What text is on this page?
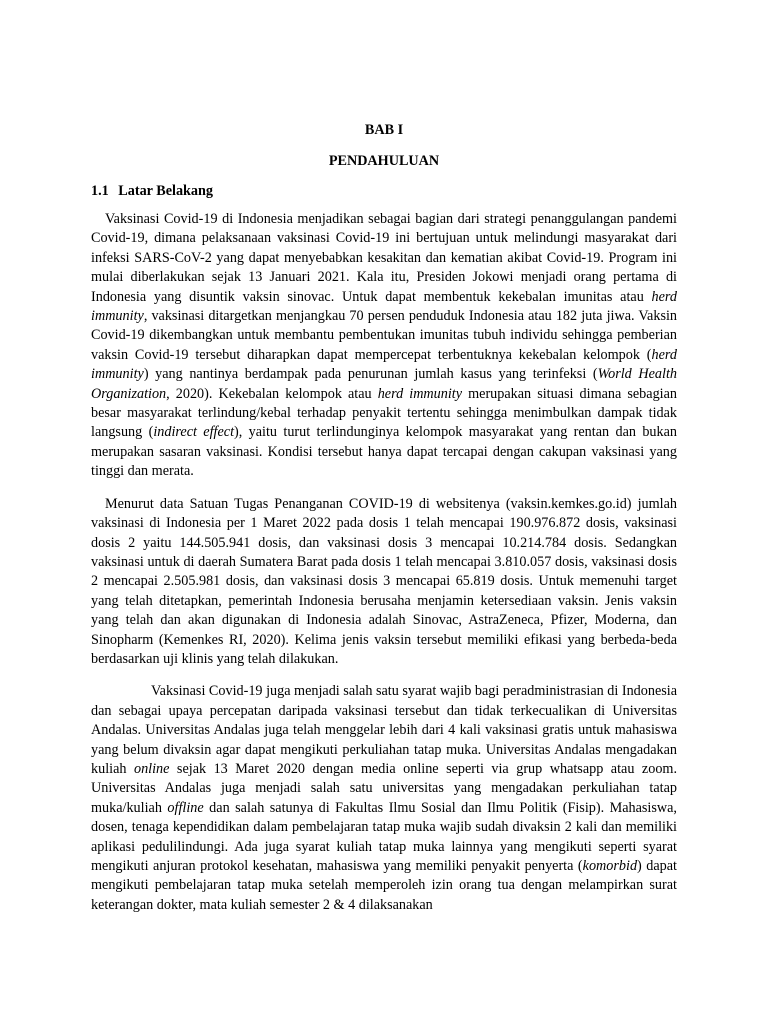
BAB I
PENDAHULUAN
1.1 Latar Belakang

Vaksinasi Covid-19 di Indonesia menjadikan sebagai bagian dari strategi penanggulangan pandemi Covid-19, dimana pelaksanaan vaksinasi Covid-19 ini bertujuan untuk melindungi masyarakat dari infeksi SARS-CoV-2 yang dapat menyebabkan kesakitan dan kematian akibat Covid-19. Program ini mulai diberlakukan sejak 13 Januari 2021. Kala itu, Presiden Jokowi menjadi orang pertama di Indonesia yang disuntik vaksin sinovac. Untuk dapat membentuk kekebalan imunitas atau herd immunity, vaksinasi ditargetkan menjangkau 70 persen penduduk Indonesia atau 182 juta jiwa. Vaksin Covid-19 dikembangkan untuk membantu pembentukan imunitas tubuh individu sehingga pemberian vaksin Covid-19 tersebut diharapkan dapat mempercepat terbentuknya kekebalan kelompok (herd immunity) yang nantinya berdampak pada penurunan jumlah kasus yang terinfeksi (World Health Organization, 2020). Kekebalan kelompok atau herd immunity merupakan situasi dimana sebagian besar masyarakat terlindung/kebal terhadap penyakit tertentu sehingga menimbulkan dampak tidak langsung (indirect effect), yaitu turut terlindunginya kelompok masyarakat yang rentan dan bukan merupakan sasaran vaksinasi. Kondisi tersebut hanya dapat tercapai dengan cakupan vaksinasi yang tinggi dan merata.

Menurut data Satuan Tugas Penanganan COVID-19 di websitenya (vaksin.kemkes.go.id) jumlah vaksinasi di Indonesia per 1 Maret 2022 pada dosis 1 telah mencapai 190.976.872 dosis, vaksinasi dosis 2 yaitu 144.505.941 dosis, dan vaksinasi dosis 3 mencapai 10.214.784 dosis. Sedangkan vaksinasi untuk di daerah Sumatera Barat pada dosis 1 telah mencapai 3.810.057 dosis, vaksinasi dosis 2 mencapai 2.505.981 dosis, dan vaksinasi dosis 3 mencapai 65.819 dosis. Untuk memenuhi target yang telah ditetapkan, pemerintah Indonesia berusaha menjamin ketersediaan vaksin. Jenis vaksin yang telah dan akan digunakan di Indonesia adalah Sinovac, AstraZeneca, Pfizer, Moderna, dan Sinopharm (Kemenkes RI, 2020). Kelima jenis vaksin tersebut memiliki efikasi yang berbeda-beda berdasarkan uji klinis yang telah dilakukan.

Vaksinasi Covid-19 juga menjadi salah satu syarat wajib bagi peradministrasian di Indonesia dan sebagai upaya percepatan daripada vaksinasi tersebut dan tidak terkecualikan di Universitas Andalas. Universitas Andalas juga telah menggelar lebih dari 4 kali vaksinasi gratis untuk mahasiswa yang belum divaksin agar dapat mengikuti perkuliahan tatap muka. Universitas Andalas mengadakan kuliah online sejak 13 Maret 2020 dengan media online seperti via grup whatsapp atau zoom. Universitas Andalas juga menjadi salah satu universitas yang mengadakan perkuliahan tatap muka/kuliah offline dan salah satunya di Fakultas Ilmu Sosial dan Ilmu Politik (Fisip). Mahasiswa, dosen, tenaga kependidikan dalam pembelajaran tatap muka wajib sudah divaksin 2 kali dan memiliki aplikasi pedulilindungi. Ada juga syarat kuliah tatap muka lainnya yang mengikuti seperti syarat mengikuti anjuran protokol kesehatan, mahasiswa yang memiliki penyakit penyerta (komorbid) dapat mengikuti pembelajaran tatap muka setelah memperoleh izin orang tua dengan melampirkan surat keterangan dokter, mata kuliah semester 2 & 4 dilaksanakan
